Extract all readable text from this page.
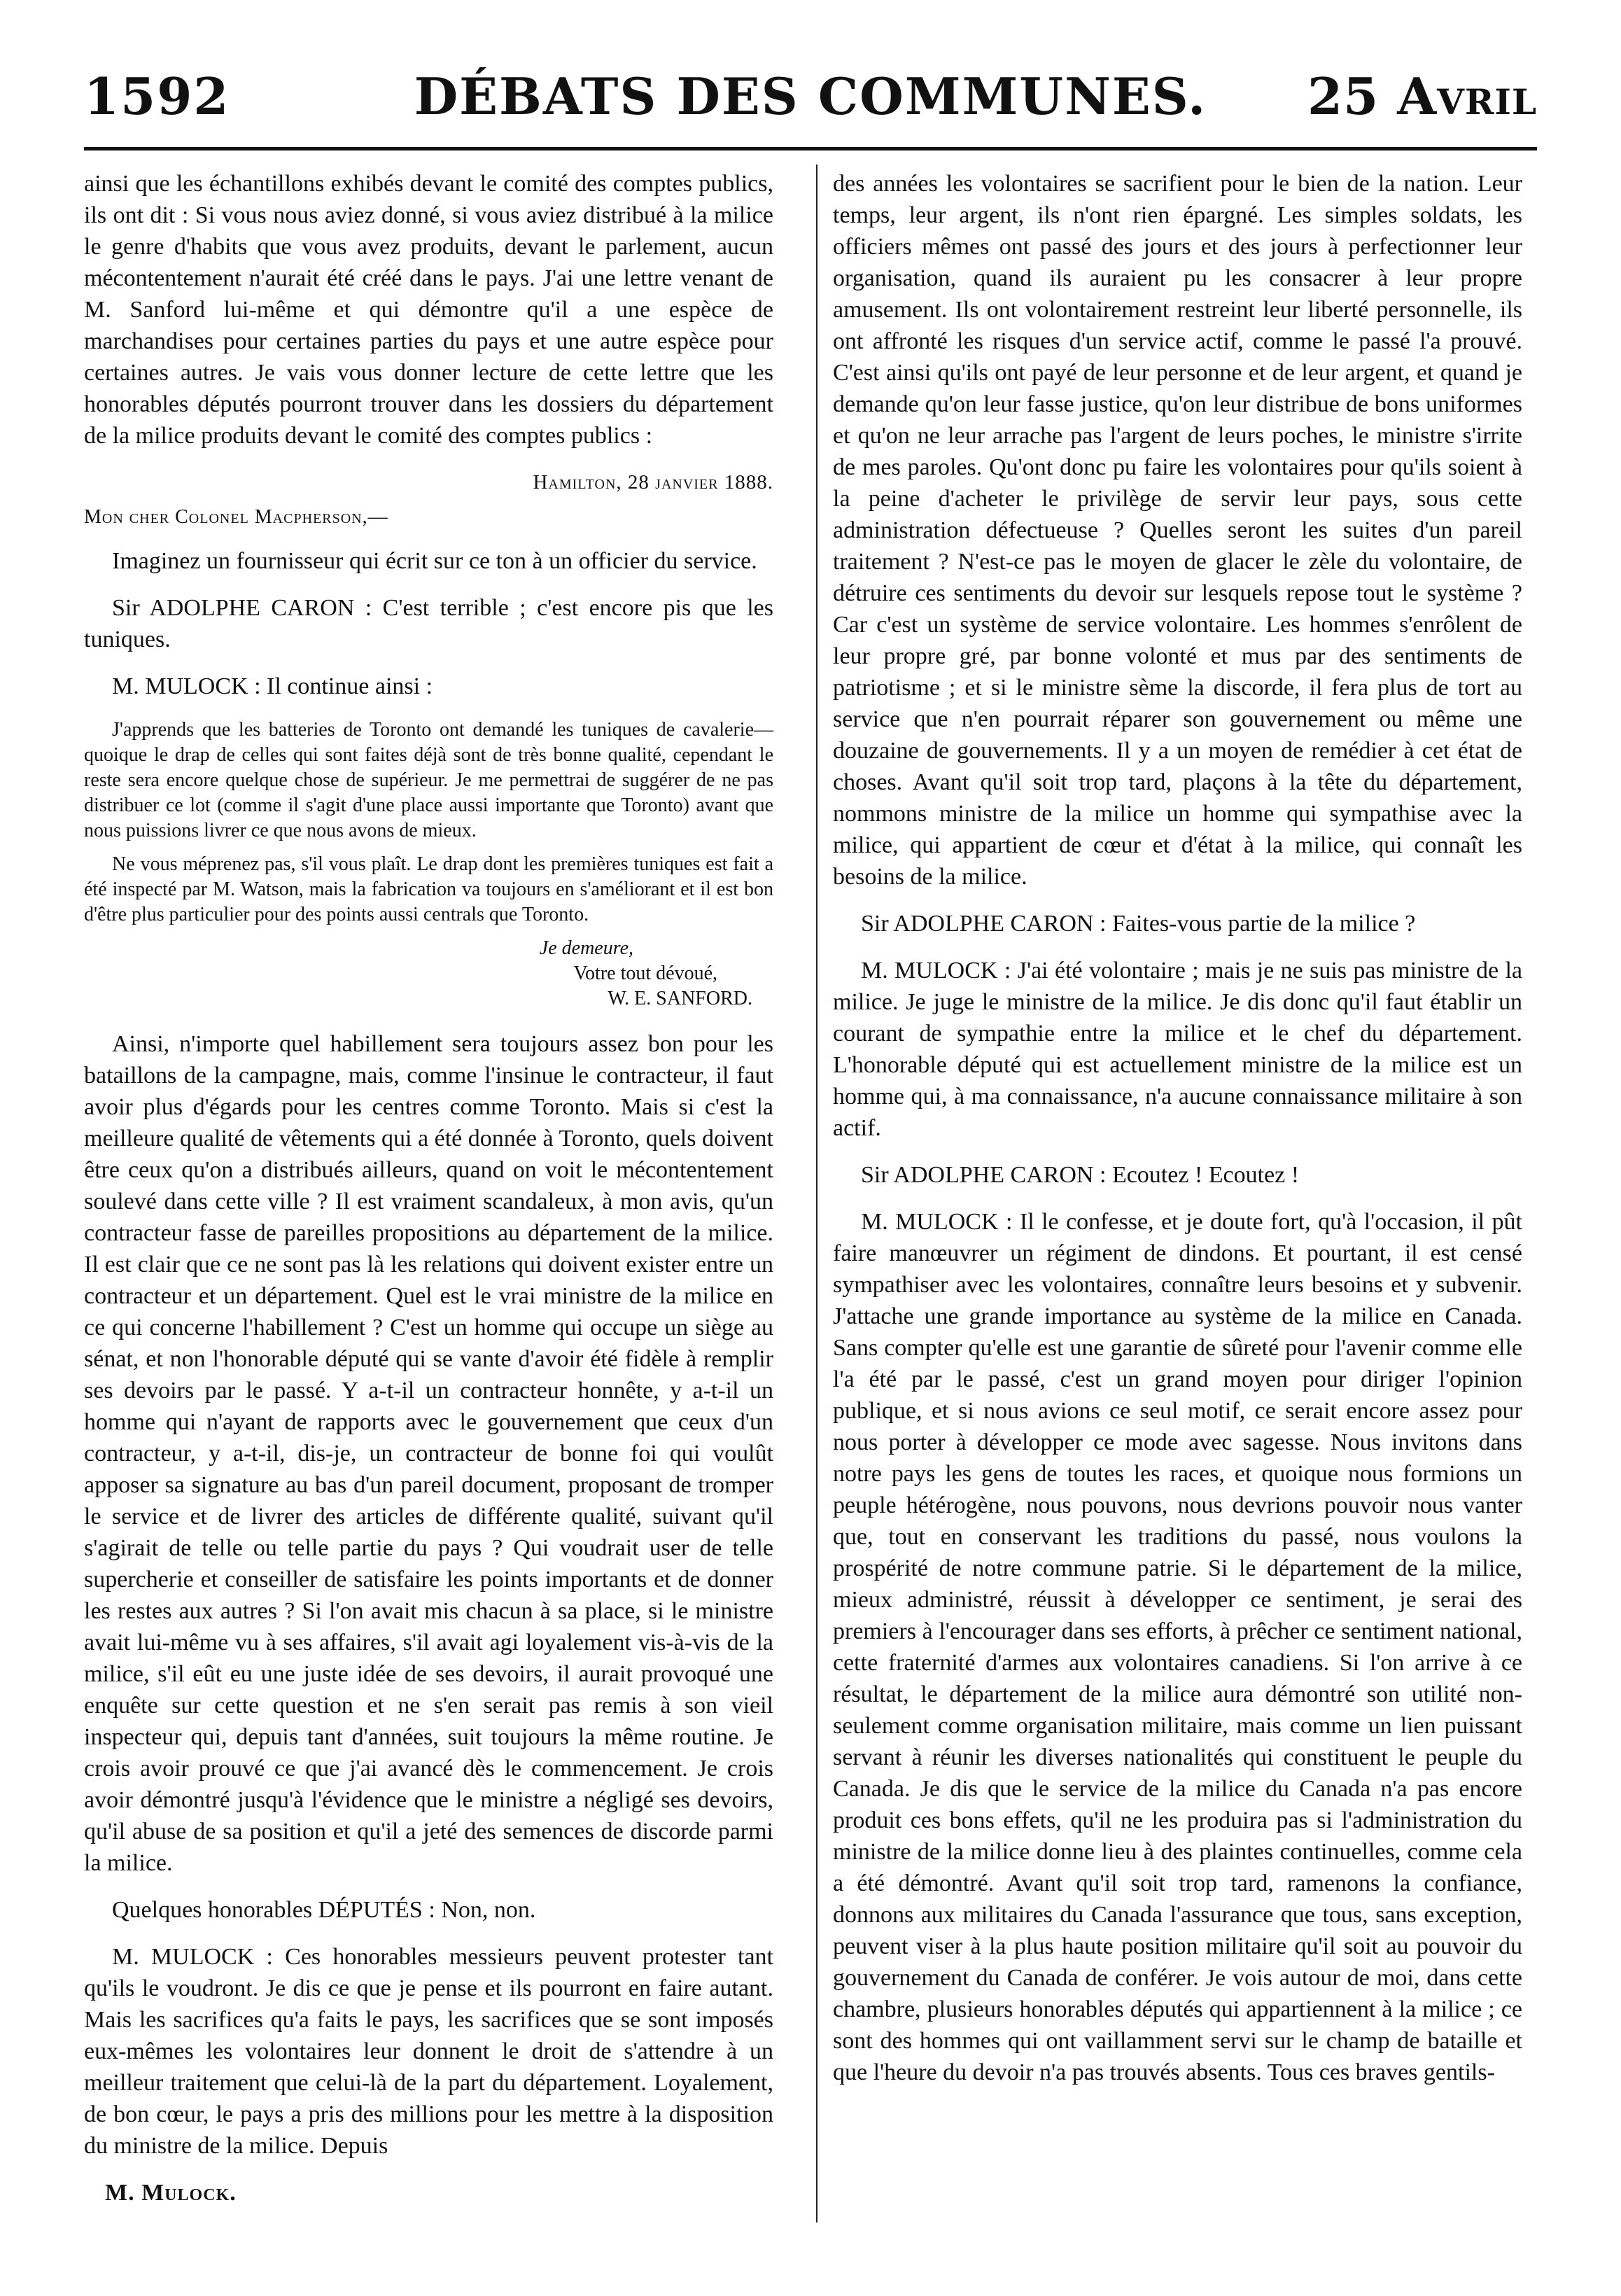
1592	DÉBATS DES COMMUNES.	25 Avril

ainsi que les échantillons exhibés devant le comité des comptes publics, ils ont dit : Si vous nous aviez donné, si vous aviez distribué à la milice le genre d'habits que vous avez produits, devant le parlement, aucun mécontentement n'aurait été créé dans le pays. J'ai une lettre venant de M. Sanford lui-même et qui démontre qu'il a une espèce de marchandises pour certaines parties du pays et une autre espèce pour certaines autres. Je vais vous donner lecture de cette lettre que les honorables députés pourront trouver dans les dossiers du département de la milice produits devant le comité des comptes publics :

Hamilton, 28 janvier 1888.

Mon cher Colonel Macpherson,—

Imaginez un fournisseur qui écrit sur ce ton à un officier du service.

Sir ADOLPHE CARON : C'est terrible ; c'est encore pis que les tuniques.

M. MULOCK : Il continue ainsi :

J'apprends que les batteries de Toronto ont demandé les tuniques de cavalerie—quoique le drap de celles qui sont faites déjà sont de très bonne qualité, cependant le reste sera encore quelque chose de supérieur. Je me permettrai de suggérer de ne pas distribuer ce lot (comme il s'agit d'une place aussi importante que Toronto) avant que nous puissions livrer ce que nous avons de mieux.

Ne vous méprenez pas, s'il vous plaît. Le drap dont les premières tuniques est fait a été inspecté par M. Watson, mais la fabrication va toujours en s'améliorant et il est bon d'être plus particulier pour des points aussi centrals que Toronto.

Je demeure,
Votre tout dévoué,
W. E. SANFORD.

Ainsi, n'importe quel habillement sera toujours assez bon pour les bataillons de la campagne, mais, comme l'insinue le contracteur, il faut avoir plus d'égards pour les centres comme Toronto. Mais si c'est la meilleure qualité de vêtements qui a été donnée à Toronto, quels doivent être ceux qu'on a distribués ailleurs, quand on voit le mécontentement soulevé dans cette ville ? Il est vraiment scandaleux, à mon avis, qu'un contracteur fasse de pareilles propositions au département de la milice. Il est clair que ce ne sont pas là les relations qui doivent exister entre un contracteur et un département. Quel est le vrai ministre de la milice en ce qui concerne l'habillement ? C'est un homme qui occupe un siège au sénat, et non l'honorable député qui se vante d'avoir été fidèle à remplir ses devoirs par le passé. Y a-t-il un contracteur honnête, y a-t-il un homme qui n'ayant de rapports avec le gouvernement que ceux d'un contracteur, y a-t-il, dis-je, un contracteur de bonne foi qui voulût apposer sa signature au bas d'un pareil document, proposant de tromper le service et de livrer des articles de différente qualité, suivant qu'il s'agirait de telle ou telle partie du pays ? Qui voudrait user de telle supercherie et conseiller de satisfaire les points importants et de donner les restes aux autres ? Si l'on avait mis chacun à sa place, si le ministre avait lui-même vu à ses affaires, s'il avait agi loyalement vis-à-vis de la milice, s'il eût eu une juste idée de ses devoirs, il aurait provoqué une enquête sur cette question et ne s'en serait pas remis à son vieil inspecteur qui, depuis tant d'années, suit toujours la même routine. Je crois avoir prouvé ce que j'ai avancé dès le commencement. Je crois avoir démontré jusqu'à l'évidence que le ministre a négligé ses devoirs, qu'il abuse de sa position et qu'il a jeté des semences de discorde parmi la milice.

Quelques honorables DÉPUTÉS : Non, non.

M. MULOCK : Ces honorables messieurs peuvent protester tant qu'ils le voudront. Je dis ce que je pense et ils pourront en faire autant. Mais les sacrifices qu'a faits le pays, les sacrifices que se sont imposés eux-mêmes les volontaires leur donnent le droit de s'attendre à un meilleur traitement que celui-là de la part du département. Loyalement, de bon cœur, le pays a pris des millions pour les mettre à la disposition du ministre de la milice. Depuis

M. Mulock.

des années les volontaires se sacrifient pour le bien de la nation. Leur temps, leur argent, ils n'ont rien épargné. Les simples soldats, les officiers mêmes ont passé des jours et des jours à perfectionner leur organisation, quand ils auraient pu les consacrer à leur propre amusement. Ils ont volontairement restreint leur liberté personnelle, ils ont affronté les risques d'un service actif, comme le passé l'a prouvé. C'est ainsi qu'ils ont payé de leur personne et de leur argent, et quand je demande qu'on leur fasse justice, qu'on leur distribue de bons uniformes et qu'on ne leur arrache pas l'argent de leurs poches, le ministre s'irrite de mes paroles. Qu'ont donc pu faire les volontaires pour qu'ils soient à la peine d'acheter le privilège de servir leur pays, sous cette administration défectueuse ? Quelles seront les suites d'un pareil traitement ? N'est-ce pas le moyen de glacer le zèle du volontaire, de détruire ces sentiments du devoir sur lesquels repose tout le système ? Car c'est un système de service volontaire. Les hommes s'enrôlent de leur propre gré, par bonne volonté et mus par des sentiments de patriotisme ; et si le ministre sème la discorde, il fera plus de tort au service que n'en pourrait réparer son gouvernement ou même une douzaine de gouvernements. Il y a un moyen de remédier à cet état de choses. Avant qu'il soit trop tard, plaçons à la tête du département, nommons ministre de la milice un homme qui sympathise avec la milice, qui appartient de cœur et d'état à la milice, qui connaît les besoins de la milice.

Sir ADOLPHE CARON : Faites-vous partie de la milice ?

M. MULOCK : J'ai été volontaire ; mais je ne suis pas ministre de la milice. Je juge le ministre de la milice. Je dis donc qu'il faut établir un courant de sympathie entre la milice et le chef du département. L'honorable député qui est actuellement ministre de la milice est un homme qui, à ma connaissance, n'a aucune connaissance militaire à son actif.

Sir ADOLPHE CARON : Ecoutez ! Ecoutez !

M. MULOCK : Il le confesse, et je doute fort, qu'à l'occasion, il pût faire manœuvrer un régiment de dindons. Et pourtant, il est censé sympathiser avec les volontaires, connaître leurs besoins et y subvenir. J'attache une grande importance au système de la milice en Canada. Sans compter qu'elle est une garantie de sûreté pour l'avenir comme elle l'a été par le passé, c'est un grand moyen pour diriger l'opinion publique, et si nous avions ce seul motif, ce serait encore assez pour nous porter à développer ce mode avec sagesse. Nous invitons dans notre pays les gens de toutes les races, et quoique nous formions un peuple hétérogène, nous pouvons, nous devrions pouvoir nous vanter que, tout en conservant les traditions du passé, nous voulons la prospérité de notre commune patrie. Si le département de la milice, mieux administré, réussit à développer ce sentiment, je serai des premiers à l'encourager dans ses efforts, à prêcher ce sentiment national, cette fraternité d'armes aux volontaires canadiens. Si l'on arrive à ce résultat, le département de la milice aura démontré son utilité non-seulement comme organisation militaire, mais comme un lien puissant servant à réunir les diverses nationalités qui constituent le peuple du Canada. Je dis que le service de la milice du Canada n'a pas encore produit ces bons effets, qu'il ne les produira pas si l'administration du ministre de la milice donne lieu à des plaintes continuelles, comme cela a été démontré. Avant qu'il soit trop tard, ramenons la confiance, donnons aux militaires du Canada l'assurance que tous, sans exception, peuvent viser à la plus haute position militaire qu'il soit au pouvoir du gouvernement du Canada de conférer. Je vois autour de moi, dans cette chambre, plusieurs honorables députés qui appartiennent à la milice ; ce sont des hommes qui ont vaillamment servi sur le champ de bataille et que l'heure du devoir n'a pas trouvés absents. Tous ces braves gentils-
